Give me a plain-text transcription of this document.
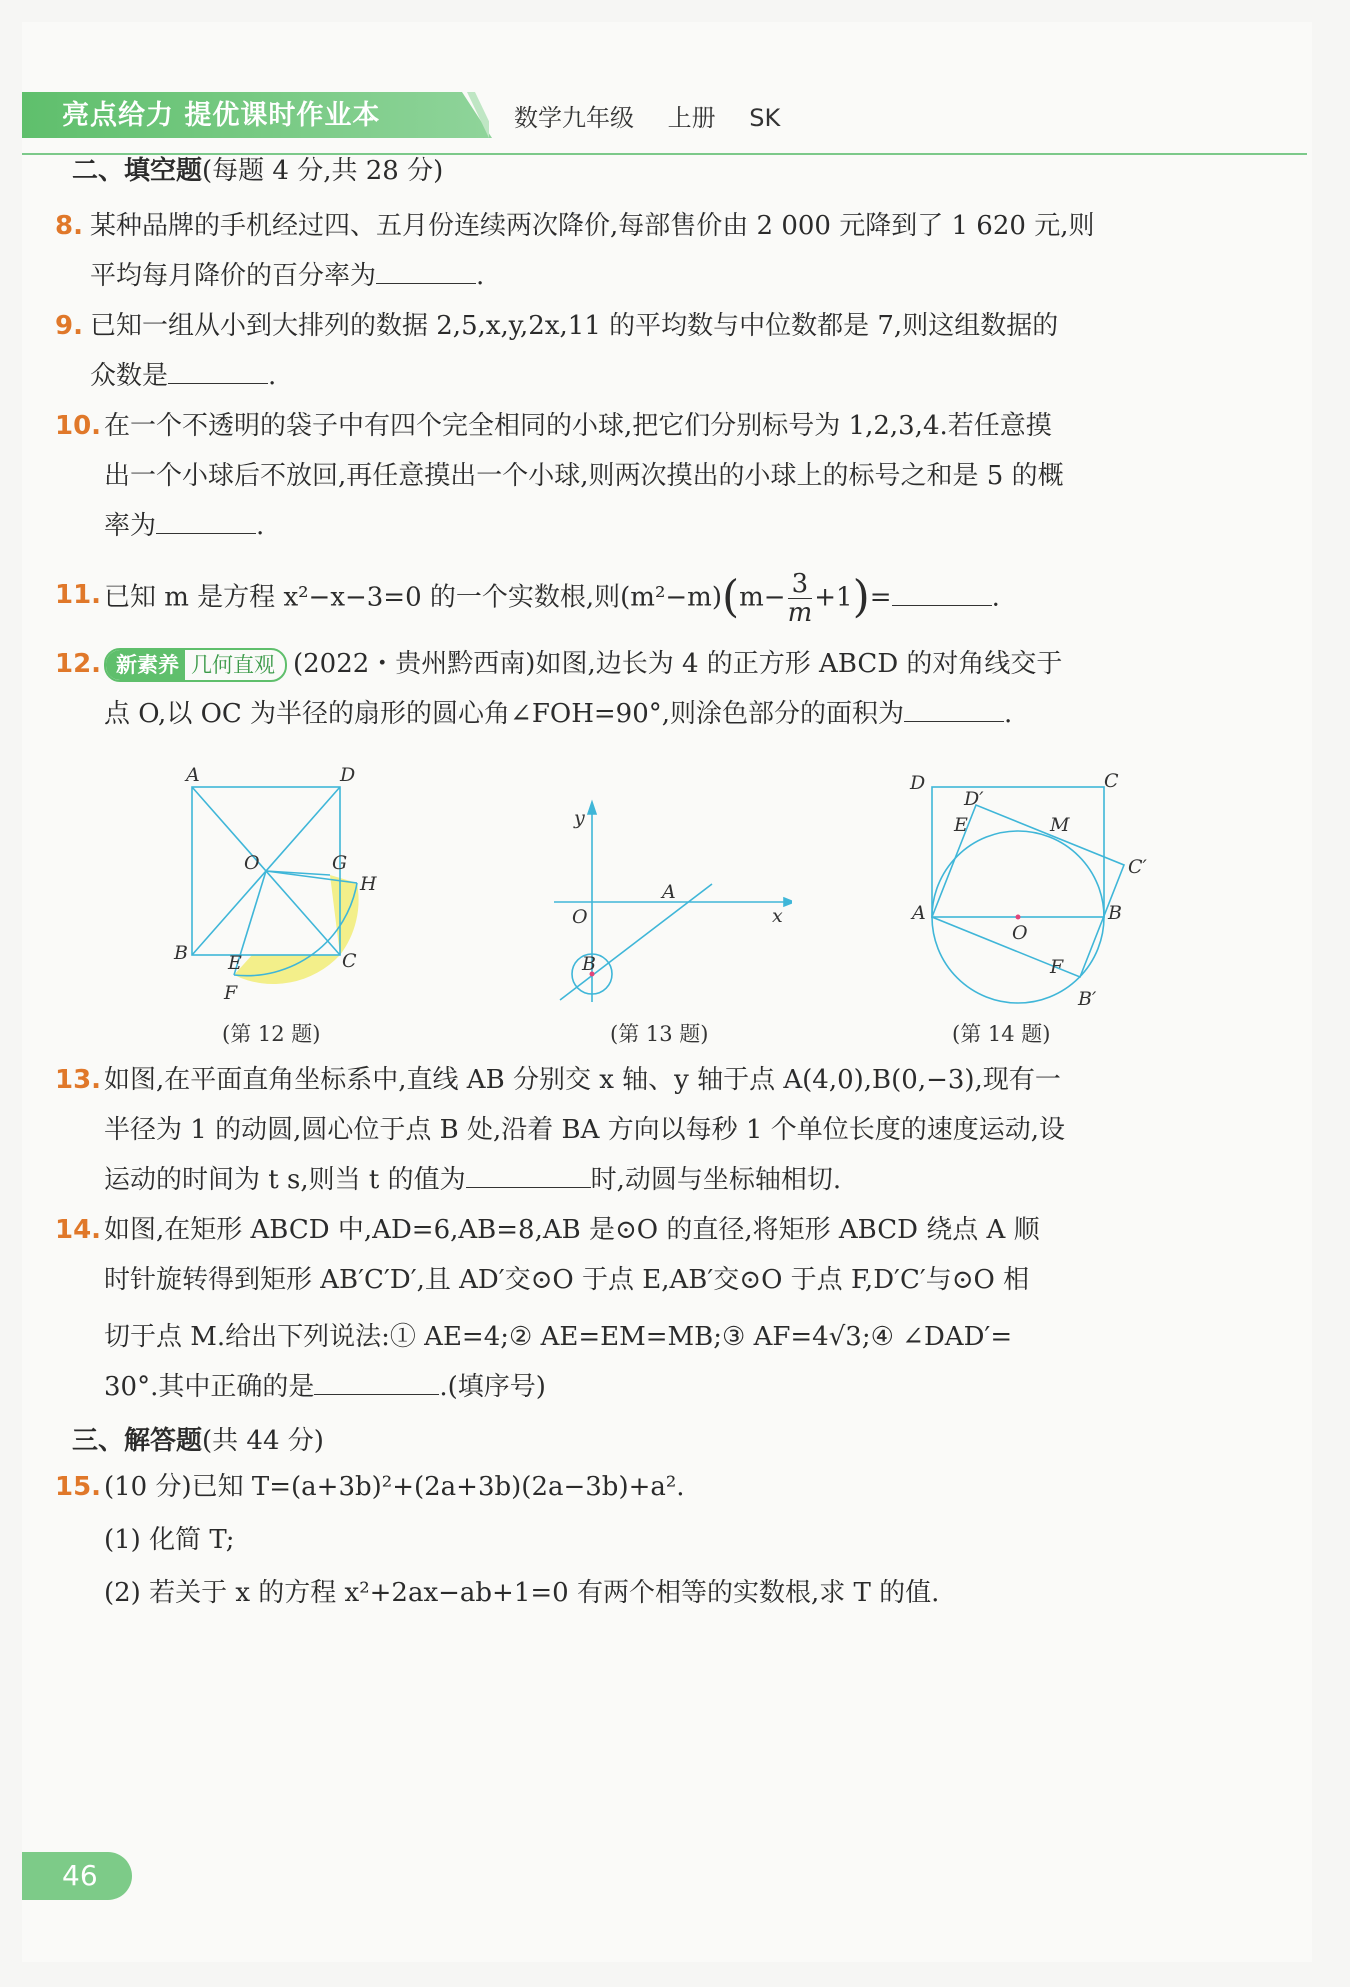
亮点给力 提优课时作业本	数学九年级 上册 SK
二、填空题(每题 4 分,共 28 分)
8. 某种品牌的手机经过四、五月份连续两次降价,每部售价由 2 000 元降到了 1 620 元,则
平均每月降价的百分率为	.
9. 已知一组从小到大排列的数据 2,5,x,y,2x,11 的平均数与中位数都是 7,则这组数据的
众数是	.
10. 在一个不透明的袋子中有四个完全相同的小球,把它们分别标号为 1,2,3,4.若任意摸
出一个小球后不放回,再任意摸出一个小球,则两次摸出的小球上的标号之和是 5 的概
率为	.
11. 已知 m 是方程 x²−x−3=0 的一个实数根,则$(m^2-m)(m- \frac{3}{m} +1)=$	.
12. 新素养 几何直观 (2022・贵州黔西南)如图,边长为 4 的正方形 ABCD 的对角线交于
点 O,以 OC 为半径的扇形的圆心角∠FOH=90°,则涂色部分的面积为	.
A	D
O	G
H
B E	C
F
(第 12 题)
y
A
O	x
B
(第 13 题)
D
D′
C
E	M
C′
A
O
B
F
B′
(第 14 题)
13. 如图,在平面直角坐标系中,直线 AB 分别交 x 轴、y 轴于点 A(4,0),B(0,−3),现有一
半径为 1 的动圆,圆心位于点 B 处,沿着 BA 方向以每秒 1 个单位长度的速度运动,设
运动的时间为 t s,则当 t 的值为	时,动圆与坐标轴相切.
14. 如图,在矩形 ABCD 中,AD=6,AB=8,AB 是⊙O 的直径,将矩形 ABCD 绕点 A 顺
时针旋转得到矩形 AB′C′D′,且 AD′交⊙O 于点 E,AB′交⊙O 于点 F,D′C′与⊙O 相
切于点 M.给出下列说法:① AE=4;② AE=EM=MB;③ AF=4√3;④ ∠DAD′=
30°.其中正确的是	.(填序号)
三、解答题(共 44 分)
15. (10 分)已知 T=(a+3b)²+(2a+3b)(2a−3b)+a².
(1) 化简 T;
(2) 若关于 x 的方程 x²+2ax−ab+1=0 有两个相等的实数根,求 T 的值.
46
